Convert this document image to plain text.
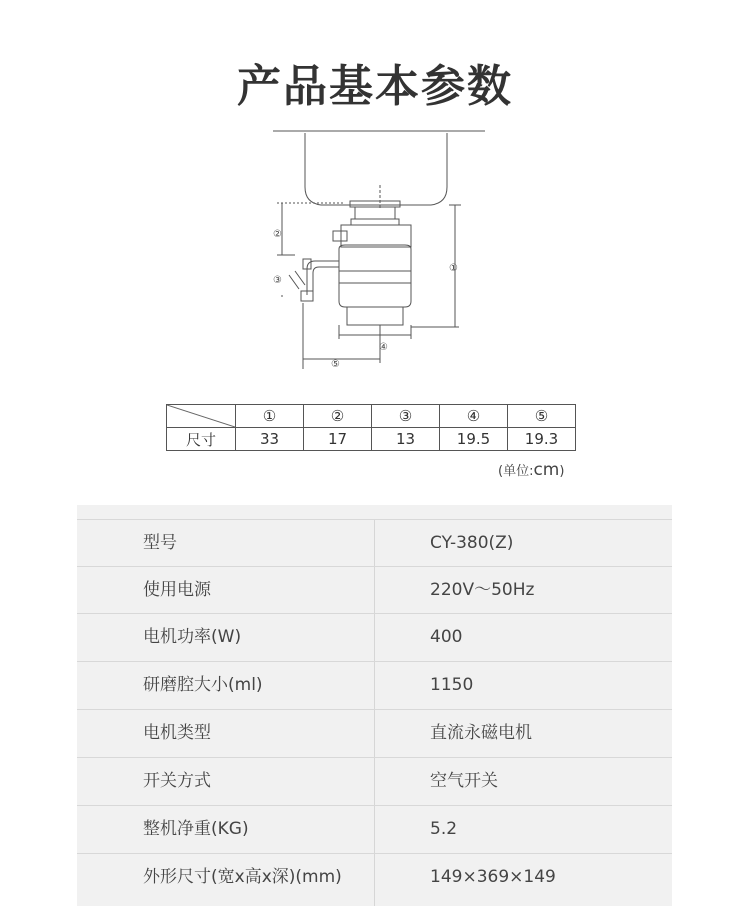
产品基本参数
②
③
①
④
⑤
	①	②	③	④	⑤
尺寸	33	17	13	19.5	19.3
(单位:cm)
型号	CY-380(Z)
使用电源	220V～50Hz
电机功率(W)	400
研磨腔大小(ml)	1150
电机类型	直流永磁电机
开关方式	空气开关
整机净重(KG)	5.2
外形尺寸(宽x高x深)(mm)	149×369×149
